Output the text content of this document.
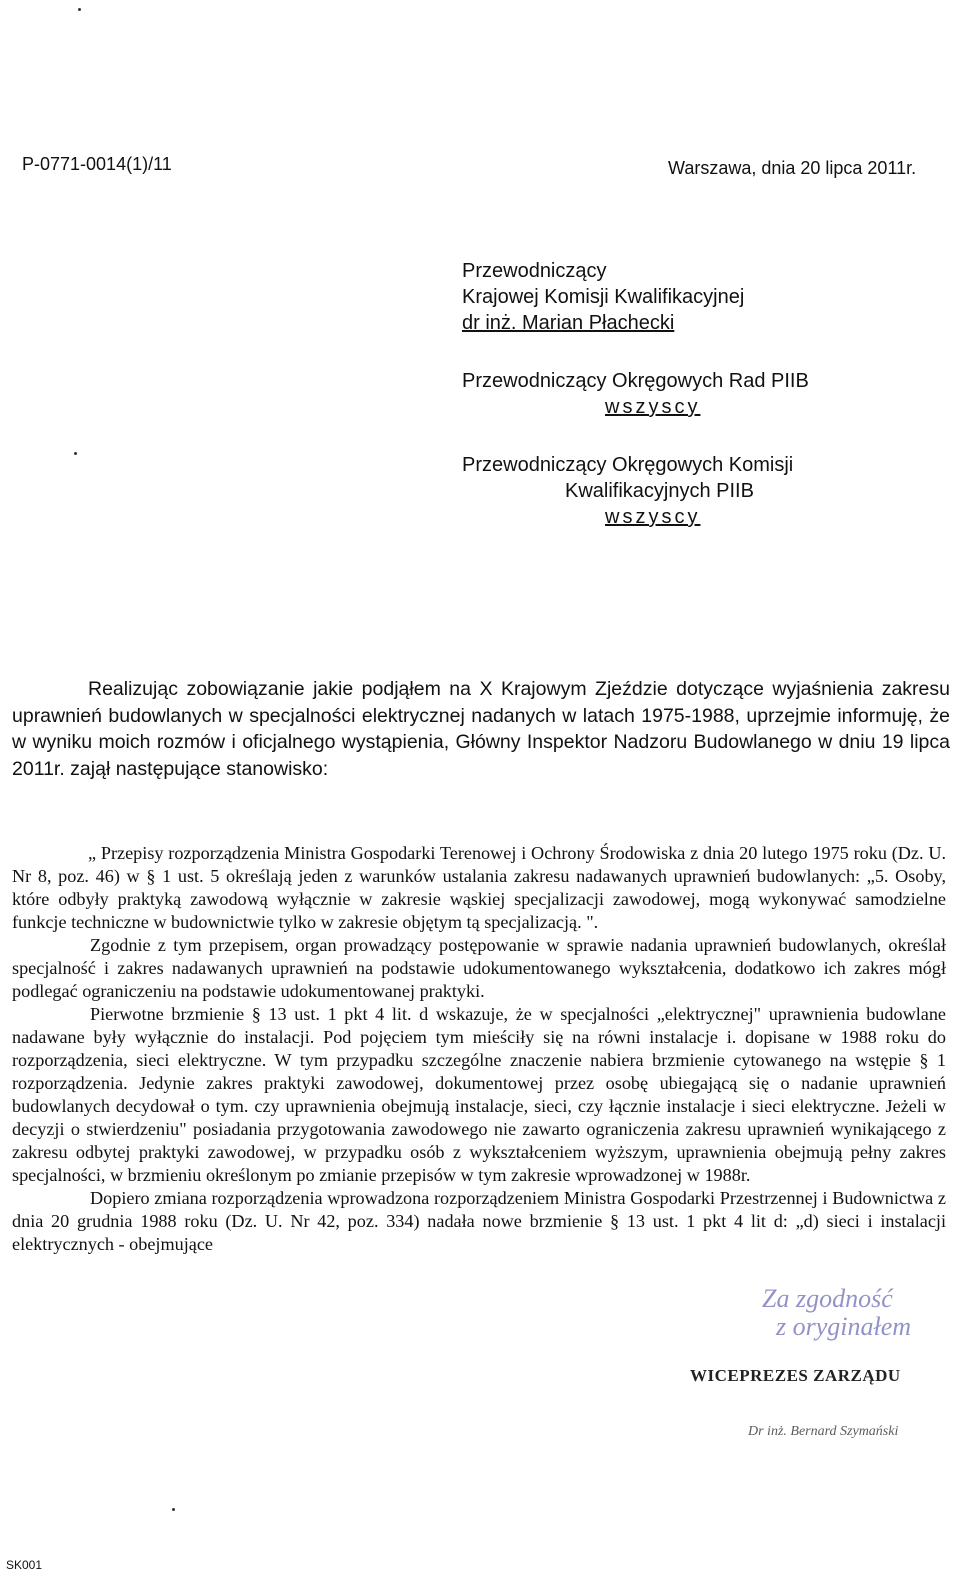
P-0771-0014(1)/11	Warszawa, dnia 20 lipca 2011r.
Przewodniczący
Krajowej Komisji Kwalifikacyjnej
dr inż. Marian Płachecki
Przewodniczący Okręgowych Rad PIIB
wszyscy
Przewodniczący Okręgowych Komisji
Kwalifikacyjnych PIIB
wszyscy
Realizując zobowiązanie jakie podjąłem na X Krajowym Zjeździe dotyczące wyjaśnienia zakresu uprawnień budowlanych w specjalności elektrycznej nadanych w latach 1975-1988, uprzejmie informuję, że w wyniku moich rozmów i oficjalnego wystąpienia, Główny Inspektor Nadzoru Budowlanego w dniu 19 lipca 2011r. zajął następujące stanowisko:

„ Przepisy rozporządzenia Ministra Gospodarki Terenowej i Ochrony Środowiska z dnia 20 lutego 1975 roku (Dz. U. Nr 8, poz. 46) w § 1 ust. 5 określają jeden z warunków ustalania zakresu nadawanych uprawnień budowlanych: „5. Osoby, które odbyły praktyką zawodową wyłącznie w zakresie wąskiej specjalizacji zawodowej, mogą wykonywać samodzielne funkcje techniczne w budownictwie tylko w zakresie objętym tą specjalizacją. ".

Zgodnie z tym przepisem, organ prowadzący postępowanie w sprawie nadania uprawnień budowlanych, określał specjalność i zakres nadawanych uprawnień na podstawie udokumentowanego wykształcenia, dodatkowo ich zakres mógł podlegać ograniczeniu na podstawie udokumentowanej praktyki.

Pierwotne brzmienie § 13 ust. 1 pkt 4 lit. d wskazuje, że w specjalności „elektrycznej" uprawnienia budowlane nadawane były wyłącznie do instalacji. Pod pojęciem tym mieściły się na równi instalacje i. dopisane w 1988 roku do rozporządzenia, sieci elektryczne. W tym przypadku szczególne znaczenie nabiera brzmienie cytowanego na wstępie § 1 rozporządzenia. Jedynie zakres praktyki zawodowej, dokumentowej przez osobę ubiegającą się o nadanie uprawnień budowlanych decydował o tym. czy uprawnienia obejmują instalacje, sieci, czy łącznie instalacje i sieci elektryczne. Jeżeli w decyzji o stwierdzeniu" posiadania przygotowania zawodowego nie zawarto ograniczenia zakresu uprawnień wynikającego z zakresu odbytej praktyki zawodowej, w przypadku osób z wykształceniem wyższym, uprawnienia obejmują pełny zakres specjalności, w brzmieniu określonym po zmianie przepisów w tym zakresie wprowadzonej w 1988r.

Dopiero zmiana rozporządzenia wprowadzona rozporządzeniem Ministra Gospodarki Przestrzennej i Budownictwa z dnia 20 grudnia 1988 roku (Dz. U. Nr 42, poz. 334) nadała nowe brzmienie § 13 ust. 1 pkt 4 lit d: „d) sieci i instalacji elektrycznych - obejmujące

Za zgodność
z oryginałem
WICEPREZES ZARZĄDU
Dr inż. Bernard Szymański
SK001
